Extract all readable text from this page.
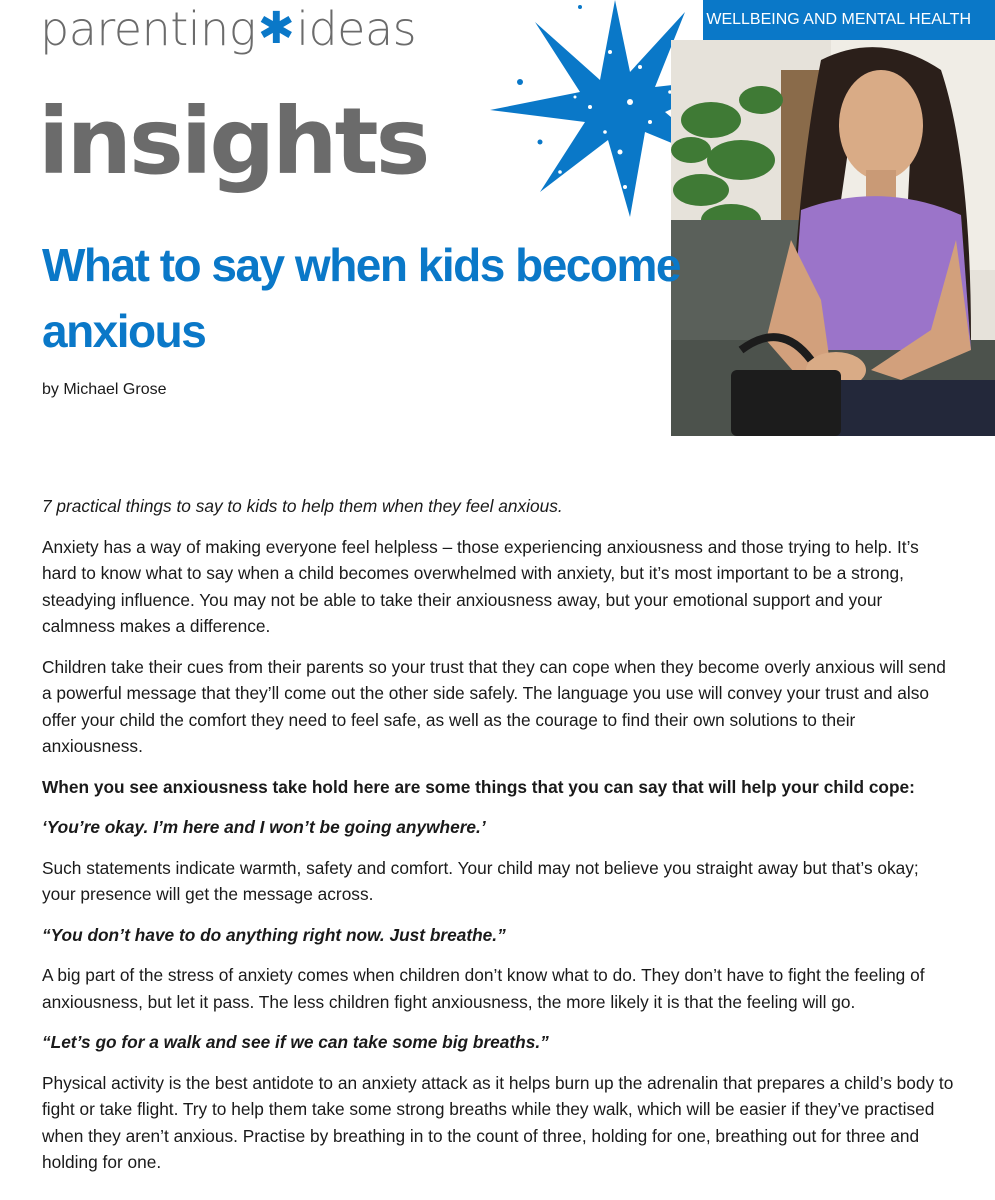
parenting ✱ ideas
insights
WELLBEING AND MENTAL HEALTH
What to say when kids become anxious
by Michael Grose

7 practical things to say to kids to help them when they feel anxious.

Anxiety has a way of making everyone feel helpless – those experiencing anxiousness and those trying to help. It’s hard to know what to say when a child becomes overwhelmed with anxiety, but it’s most important to be a strong, steadying influence. You may not be able to take their anxiousness away, but your emotional support and your calmness makes a difference.

Children take their cues from their parents so your trust that they can cope when they become overly anxious will send a powerful message that they’ll come out the other side safely. The language you use will convey your trust and also offer your child the comfort they need to feel safe, as well as the courage to find their own solutions to their anxiousness.

When you see anxiousness take hold here are some things that you can say that will help your child cope:

‘You’re okay. I’m here and I won’t be going anywhere.’

Such statements indicate warmth, safety and comfort. Your child may not believe you straight away but that’s okay; your presence will get the message across.

“You don’t have to do anything right now. Just breathe.”

A big part of the stress of anxiety comes when children don’t know what to do. They don’t have to fight the feeling of anxiousness, but let it pass. The less children fight anxiousness, the more likely it is that the feeling will go.

“Let’s go for a walk and see if we can take some big breaths.”

Physical activity is the best antidote to an anxiety attack as it helps burn up the adrenalin that prepares a child’s body to fight or take flight. Try to help them take some strong breaths while they walk, which will be easier if they’ve practised when they aren’t anxious. Practise by breathing in to the count of three, holding for one, breathing out for three and holding for one.
